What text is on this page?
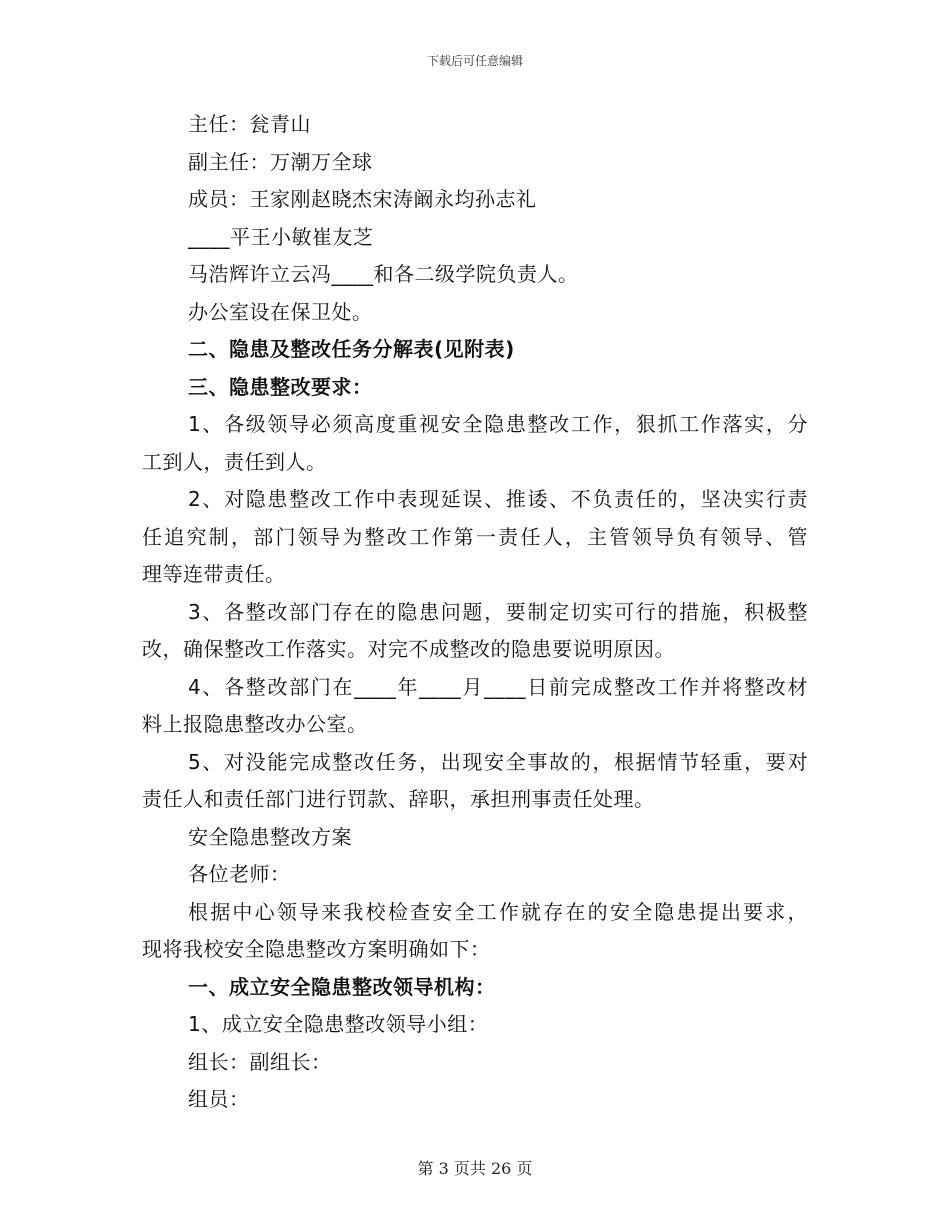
下载后可任意编辑
主任：瓮青山
副主任：万潮万全球
成员：王家刚赵晓杰宋涛阚永均孙志礼
____平王小敏崔友芝
马浩辉许立云冯____和各二级学院负责人。
办公室设在保卫处。
二、隐患及整改任务分解表(见附表)
三、隐患整改要求：
1、各级领导必须高度重视安全隐患整改工作，狠抓工作落实，分
工到人，责任到人。
2、对隐患整改工作中表现延误、推诿、不负责任的，坚决实行责
任追究制，部门领导为整改工作第一责任人，主管领导负有领导、管
理等连带责任。
3、各整改部门存在的隐患问题，要制定切实可行的措施，积极整
改，确保整改工作落实。对完不成整改的隐患要说明原因。
4、各整改部门在____年____月____日前完成整改工作并将整改材
料上报隐患整改办公室。
5、对没能完成整改任务，出现安全事故的，根据情节轻重，要对
责任人和责任部门进行罚款、辞职，承担刑事责任处理。
安全隐患整改方案
各位老师：
根据中心领导来我校检查安全工作就存在的安全隐患提出要求，
现将我校安全隐患整改方案明确如下：
一、成立安全隐患整改领导机构：
1、成立安全隐患整改领导小组：
组长：副组长：
组员：
第 3 页共 26 页
